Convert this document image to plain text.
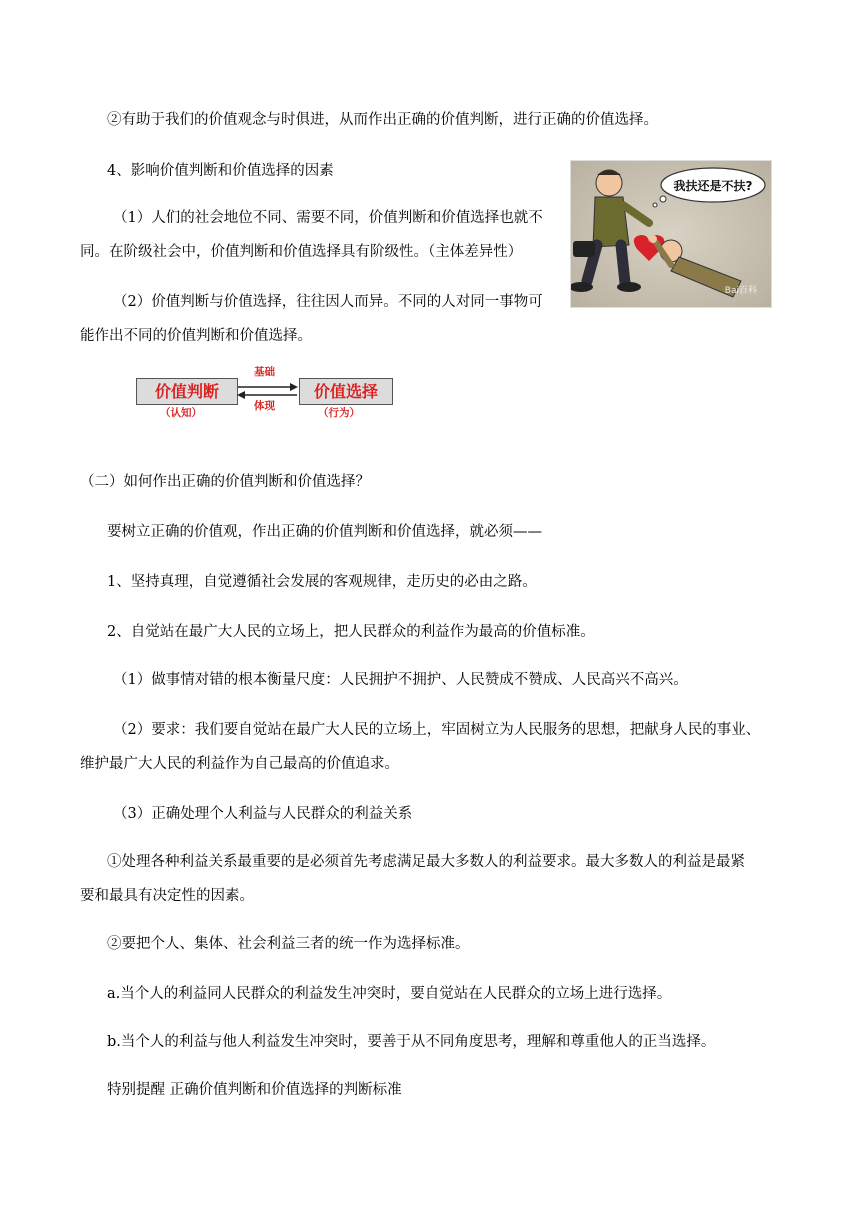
②有助于我们的价值观念与时俱进，从而作出正确的价值判断，进行正确的价值选择。
4、影响价值判断和价值选择的因素
（1）人们的社会地位不同、需要不同，价值判断和价值选择也就不
同。在阶级社会中，价值判断和价值选择具有阶级性。（主体差异性）
（2）价值判断与价值选择，往往因人而异。不同的人对同一事物可
能作出不同的价值判断和价值选择。
我扶还是不扶?
Bai百科
基础
价值判断	价值选择
体现
（认知）	（行为）
（二）如何作出正确的价值判断和价值选择？
要树立正确的价值观，作出正确的价值判断和价值选择，就必须——
1、坚持真理，自觉遵循社会发展的客观规律，走历史的必由之路。
2、自觉站在最广大人民的立场上，把人民群众的利益作为最高的价值标准。
（1）做事情对错的根本衡量尺度：人民拥护不拥护、人民赞成不赞成、人民高兴不高兴。
（2）要求：我们要自觉站在最广大人民的立场上，牢固树立为人民服务的思想，把献身人民的事业、
维护最广大人民的利益作为自己最高的价值追求。
（3）正确处理个人利益与人民群众的利益关系
①处理各种利益关系最重要的是必须首先考虑满足最大多数人的利益要求。最大多数人的利益是最紧
要和最具有决定性的因素。
②要把个人、集体、社会利益三者的统一作为选择标准。
a.当个人的利益同人民群众的利益发生冲突时，要自觉站在人民群众的立场上进行选择。
b.当个人的利益与他人利益发生冲突时，要善于从不同角度思考，理解和尊重他人的正当选择。
特别提醒 正确价值判断和价值选择的判断标准
